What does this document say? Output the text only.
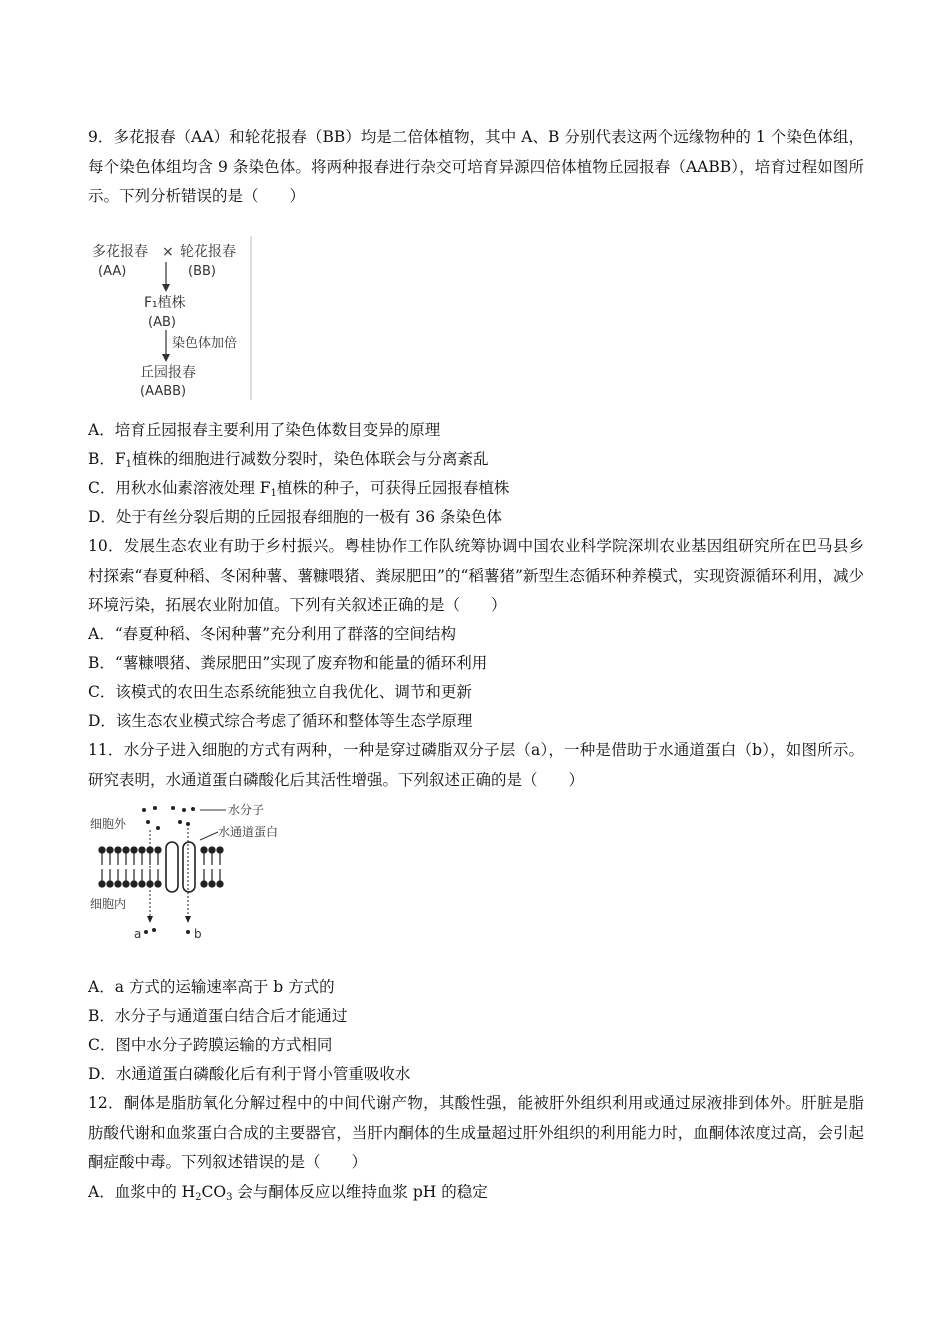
9．多花报春（AA）和轮花报春（BB）均是二倍体植物，其中 A、B 分别代表这两个远缘物种的 1 个染色体组，每个染色体组均含 9 条染色体。将两种报春进行杂交可培育异源四倍体植物丘园报春（AABB），培育过程如图所示。下列分析错误的是（　　）
多花报春 × 轮花报春
(AA)	(BB)
F₁植株
(AB)
染色体加倍
丘园报春
(AABB)
A．培育丘园报春主要利用了染色体数目变异的原理
B．$F_1$植株的细胞进行减数分裂时，染色体联会与分离紊乱
C．用秋水仙素溶液处理 $F_1$植株的种子，可获得丘园报春植株
D．处于有丝分裂后期的丘园报春细胞的一极有 36 条染色体
10．发展生态农业有助于乡村振兴。粤桂协作工作队统筹协调中国农业科学院深圳农业基因组研究所在巴马县乡村探索“春夏种稻、冬闲种薯、薯糠喂猪、粪尿肥田”的“稻薯猪”新型生态循环种养模式，实现资源循环利用，减少环境污染，拓展农业附加值。下列有关叙述正确的是（　　）
A．“春夏种稻、冬闲种薯”充分利用了群落的空间结构
B．“薯糠喂猪、粪尿肥田”实现了废弃物和能量的循环利用
C．该模式的农田生态系统能独立自我优化、调节和更新
D．该生态农业模式综合考虑了循环和整体等生态学原理
11．水分子进入细胞的方式有两种，一种是穿过磷脂双分子层（a），一种是借助于水通道蛋白（b），如图所示。研究表明，水通道蛋白磷酸化后其活性增强。下列叙述正确的是（　　）
细胞外
细胞内
水分子
水通道蛋白
a	b
A．a 方式的运输速率高于 b 方式的
B．水分子与通道蛋白结合后才能通过
C．图中水分子跨膜运输的方式相同
D．水通道蛋白磷酸化后有利于肾小管重吸收水
12．酮体是脂肪氧化分解过程中的中间代谢产物，其酸性强，能被肝外组织利用或通过尿液排到体外。肝脏是脂肪酸代谢和血浆蛋白合成的主要器官，当肝内酮体的生成量超过肝外组织的利用能力时，血酮体浓度过高，会引起酮症酸中毒。下列叙述错误的是（　　）
A．血浆中的 $H_2CO_3$ 会与酮体反应以维持血浆 pH 的稳定
